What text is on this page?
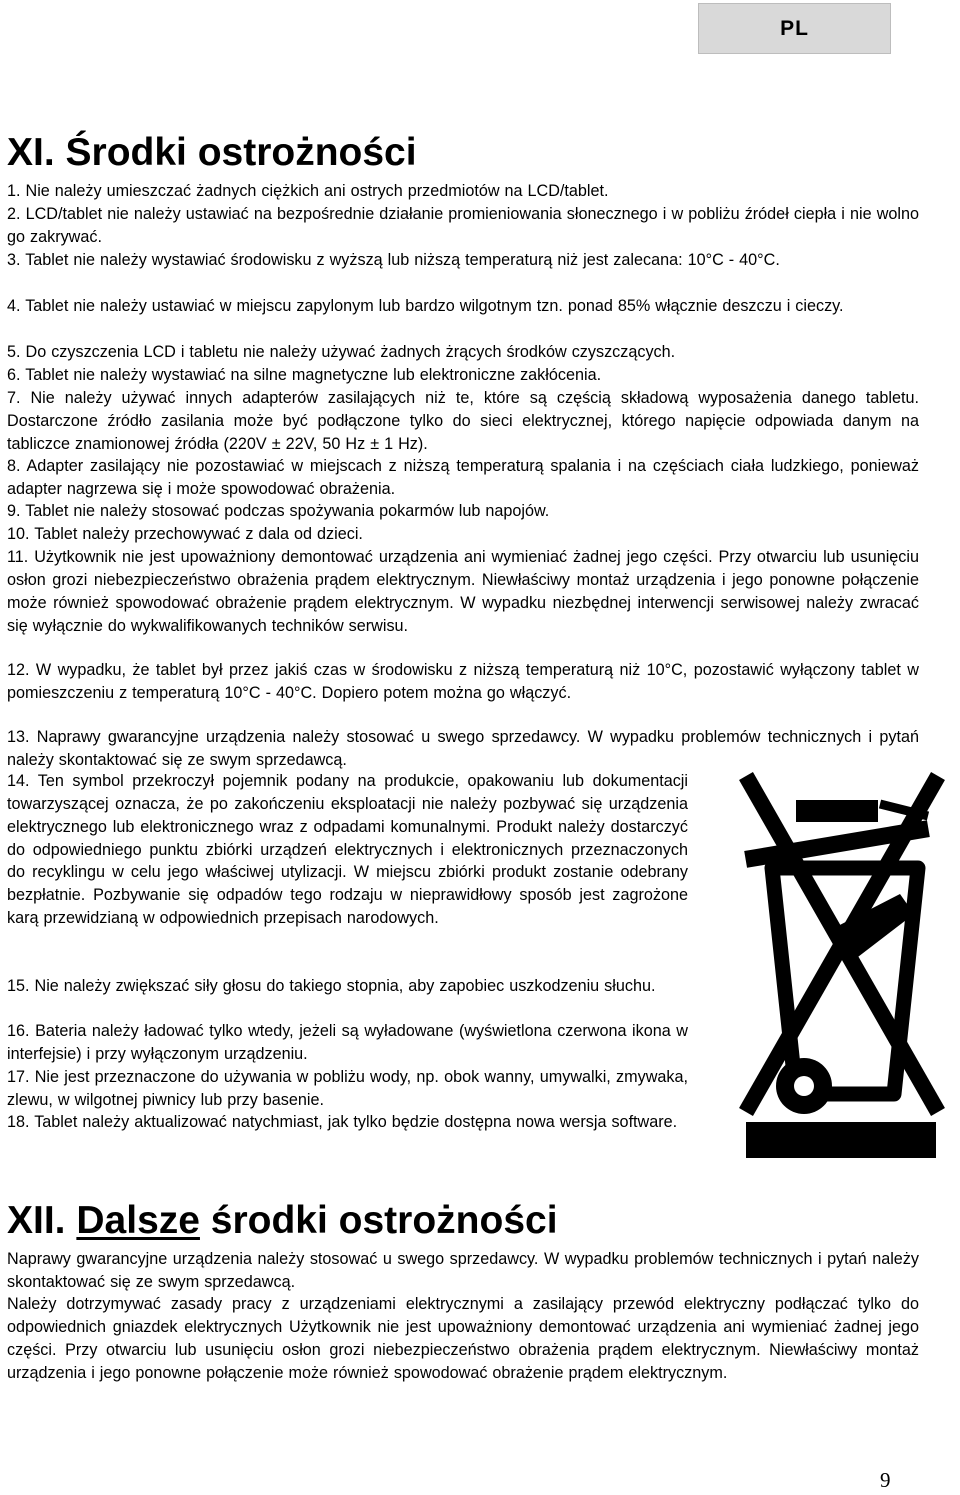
PL
XI. Środki ostrożności

1. Nie należy umieszczać żadnych ciężkich ani ostrych przedmiotów na LCD/tablet.

2. LCD/tablet nie należy ustawiać na bezpośrednie działanie promieniowania słonecznego i w pobliżu źródeł ciepła i nie wolno go zakrywać.

3. Tablet nie należy wystawiać środowisku z wyższą lub niższą temperaturą niż jest zalecana: 10°C - 40°C.

4. Tablet nie należy ustawiać w miejscu zapylonym lub bardzo wilgotnym tzn. ponad 85% włącznie deszczu i cieczy.

5. Do czyszczenia LCD i tabletu nie należy używać żadnych żrących środków czyszczących.

6. Tablet nie należy wystawiać na silne magnetyczne lub elektroniczne zakłócenia.

7. Nie należy używać innych adapterów zasilających niż te, które są częścią składową wyposażenia danego tabletu. Dostarczone źródło zasilania może być podłączone tylko do sieci elektrycznej, którego napięcie odpowiada danym na tabliczce znamionowej źródła (220V ± 22V, 50 Hz ± 1 Hz).

8. Adapter zasilający nie pozostawiać w miejscach z niższą temperaturą spalania i na częściach ciała ludzkiego, ponieważ adapter nagrzewa się i może spowodować obrażenia.

9. Tablet nie należy stosować podczas spożywania pokarmów lub napojów.

10. Tablet należy przechowywać z dala od dzieci.

11. Użytkownik nie jest upoważniony demontować urządzenia ani wymieniać żadnej jego części. Przy otwarciu lub usunięciu osłon grozi niebezpieczeństwo obrażenia prądem elektrycznym. Niewłaściwy montaż urządzenia i jego ponowne połączenie może również spowodować obrażenie prądem elektrycznym. W wypadku niezbędnej interwencji serwisowej należy zwracać się wyłącznie do wykwalifikowanych techników serwisu.

12. W wypadku, że tablet był przez jakiś czas w środowisku z niższą temperaturą niż 10°C, pozostawić wyłączony tablet w pomieszczeniu z temperaturą 10°C - 40°C. Dopiero potem można go włączyć.

13. Naprawy gwarancyjne urządzenia należy stosować u swego sprzedawcy. W wypadku problemów technicznych i pytań należy skontaktować się ze swym sprzedawcą.

14. Ten symbol przekroczył pojemnik podany na produkcie, opakowaniu lub dokumentacji towarzyszącej oznacza, że po zakończeniu eksploatacji nie należy pozbywać się urządzenia elektrycznego lub elektronicznego wraz z odpadami komunalnymi. Produkt należy dostarczyć do odpowiedniego punktu zbiórki urządzeń elektrycznych i elektronicznych przeznaczonych do recyklingu w celu jego właściwej utylizacji. W miejscu zbiórki produkt zostanie odebrany bezpłatnie. Pozbywanie się odpadów tego rodzaju w nieprawidłowy sposób jest zagrożone karą przewidzianą w odpowiednich przepisach narodowych.

15. Nie należy zwiększać siły głosu do takiego stopnia, aby zapobiec uszkodzeniu słuchu.

16. Bateria należy ładować tylko wtedy, jeżeli są wyładowane (wyświetlona czerwona ikona w interfejsie) i przy wyłączonym urządzeniu.

17. Nie jest przeznaczone do używania w pobliżu wody, np. obok wanny, umywalki, zmywaka, zlewu, w wilgotnej piwnicy lub przy basenie.

18. Tablet należy aktualizować natychmiast, jak tylko będzie dostępna nowa wersja software.

XII. Dalsze środki ostrożności

Naprawy gwarancyjne urządzenia należy stosować u swego sprzedawcy. W wypadku problemów technicznych i pytań należy skontaktować się ze swym sprzedawcą.

Należy dotrzymywać zasady pracy z urządzeniami elektrycznymi a zasilający przewód elektryczny podłączać tylko do odpowiednich gniazdek elektrycznych Użytkownik nie jest upoważniony demontować urządzenia ani wymieniać żadnej jego części. Przy otwarciu lub usunięciu osłon grozi niebezpieczeństwo obrażenia prądem elektrycznym. Niewłaściwy montaż urządzenia i jego ponowne połączenie może również spowodować obrażenie prądem elektrycznym.

9
